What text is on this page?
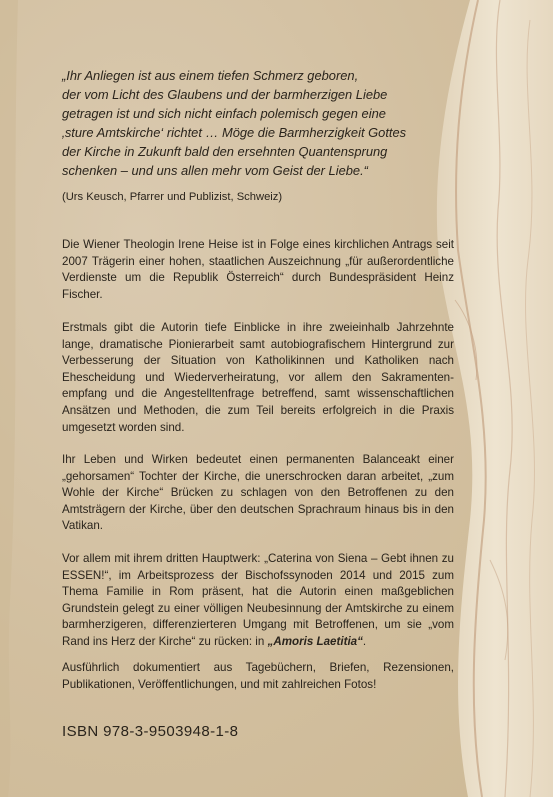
„Ihr Anliegen ist aus einem tiefen Schmerz geboren,
der vom Licht des Glaubens und der barmherzigen Liebe
getragen ist und sich nicht einfach polemisch gegen eine
‚sture Amtskirche‘ richtet … Möge die Barmherzigkeit Gottes
der Kirche in Zukunft bald den ersehnten Quantensprung
schenken – und uns allen mehr vom Geist der Liebe.“

(Urs Keusch, Pfarrer und Publizist, Schweiz)

Die Wiener Theologin Irene Heise ist in Folge eines kirchlichen Antrags seit 2007 Trägerin einer hohen, staatlichen Auszeichnung „für außerordentliche Verdienste um die Republik Österreich“ durch Bundespräsident Heinz Fischer.

Erstmals gibt die Autorin tiefe Einblicke in ihre zweieinhalb Jahrzehnte lange, dramatische Pionierarbeit samt autobiografischem Hintergrund zur Verbesserung der Situation von Katholikinnen und Katholiken nach Ehescheidung und Wiederverheiratung, vor allem den Sakramentenempfang und die Angestelltenfrage betreffend, samt wissenschaftlichen Ansätzen und Methoden, die zum Teil bereits erfolgreich in die Praxis umgesetzt worden sind.

Ihr Leben und Wirken bedeutet einen permanenten Balanceakt einer „gehorsamen“ Tochter der Kirche, die unerschrocken daran arbeitet, „zum Wohle der Kirche“ Brücken zu schlagen von den Betroffenen zu den Amtsträgern der Kirche, über den deutschen Sprachraum hinaus bis in den Vatikan.

Vor allem mit ihrem dritten Hauptwerk: „Caterina von Siena – Gebt ihnen zu ESSEN!“, im Arbeitsprozess der Bischofssynoden 2014 und 2015 zum Thema Familie in Rom präsent, hat die Autorin einen maßgeblichen Grundstein gelegt zu einer völligen Neubesinnung der Amtskirche zu einem barmherzigeren, differenzierteren Umgang mit Betroffenen, um sie „vom Rand ins Herz der Kirche“ zu rücken: in „Amoris Laetitia“.

Ausführlich dokumentiert aus Tagebüchern, Briefen, Rezensionen, Publikationen, Veröffentlichungen, und mit zahlreichen Fotos!

ISBN 978-3-9503948-1-8
